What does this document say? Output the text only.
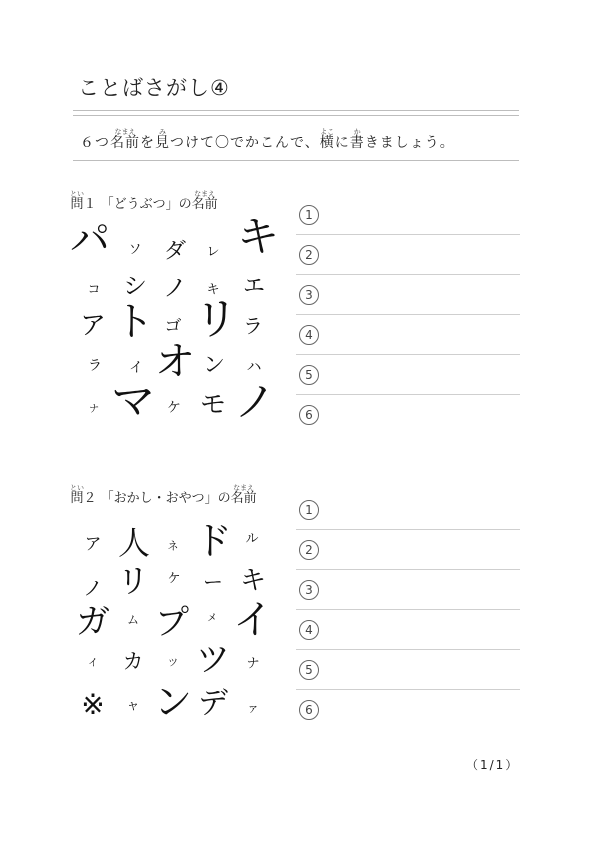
ことばさがし④
６つ名前なまえを見みつけて〇でかこんで、横よこに書かきましょう。
問とい１ 「どうぶつ」の名前なまえ
パ ソ ダ レ キ
コ シ ノ キ エ
ア ト ゴ リ ラ
ラ イ オ ン ハ
ナ マ ケ モ ノ
1
2
3
4
5
6
問とい２ 「おかし・おやつ」の名前なまえ
ア 人 ネ ド ル
ノ リ ケ ー キ
ガ ム プ メ イ
イ カ ツ ツ ナ
※ ャ ン デ ァ
1
2
3
4
5
6
（1/1）
